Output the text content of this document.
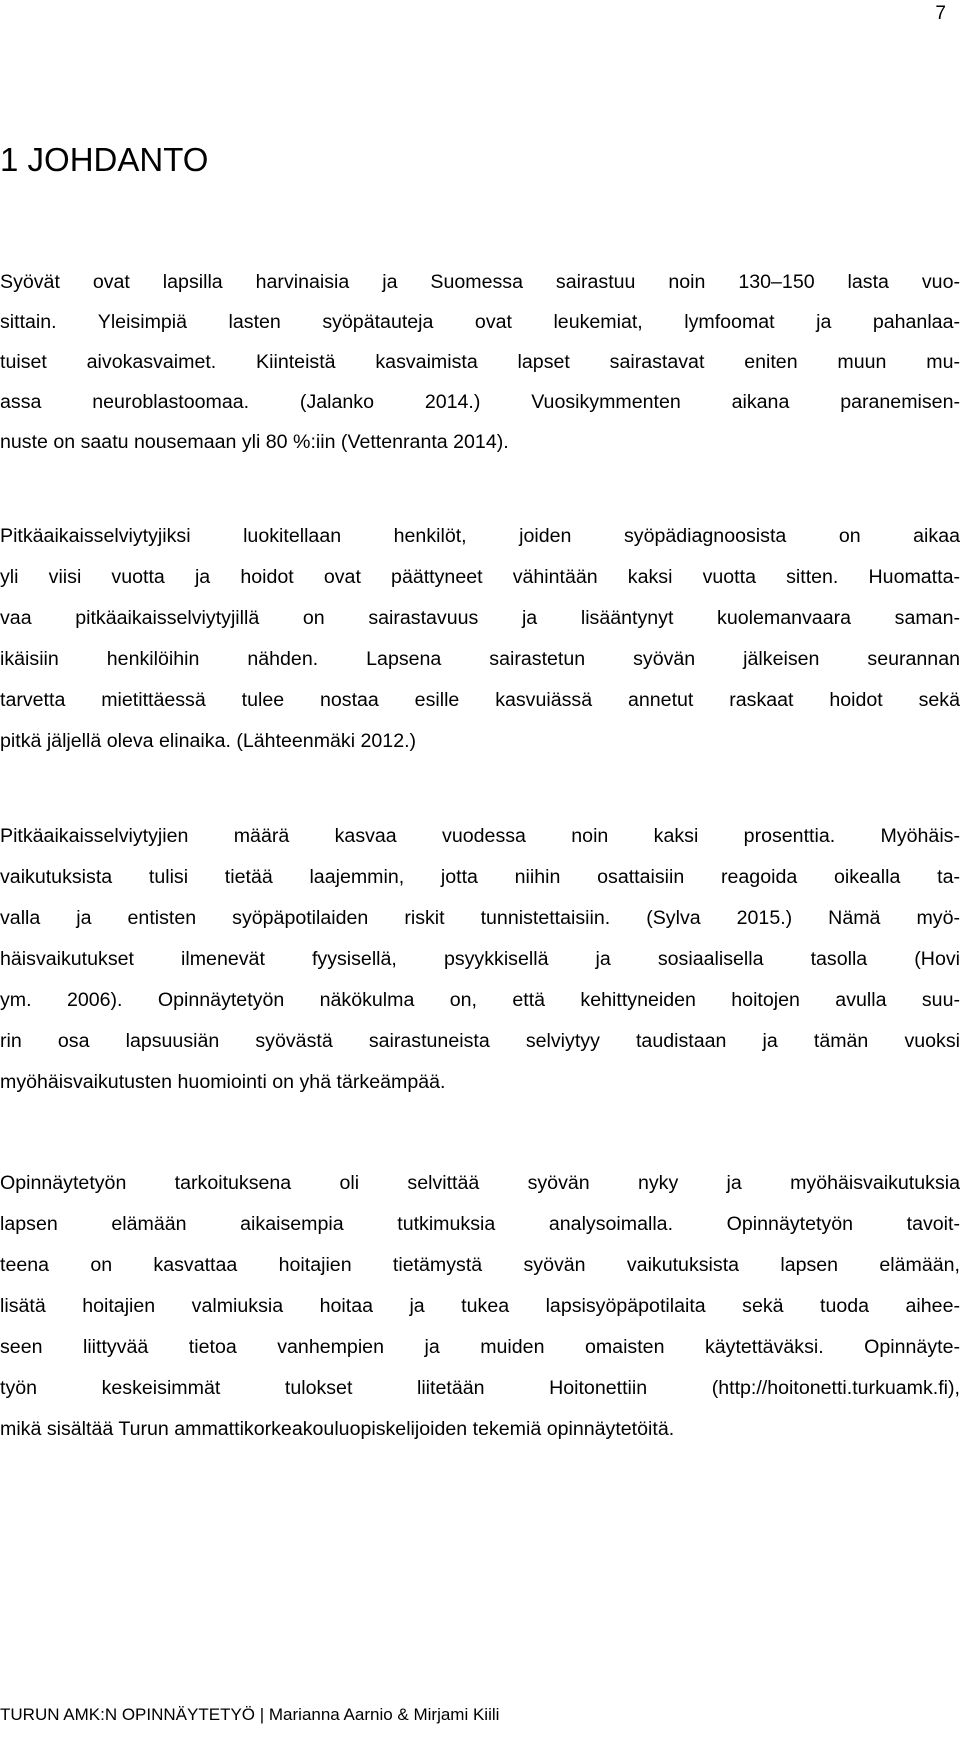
7
1 JOHDANTO

Syövät ovat lapsilla harvinaisia ja Suomessa sairastuu noin 130–150 lasta vuo-
sittain. Yleisimpiä lasten syöpätauteja ovat leukemiat, lymfoomat ja pahanlaa-
tuiset aivokasvaimet. Kiinteistä kasvaimista lapset sairastavat eniten muun mu-
assa neuroblastoomaa. (Jalanko 2014.) Vuosikymmenten aikana paranemisen-
nuste on saatu nousemaan yli 80 %:iin (Vettenranta 2014).

Pitkäaikaisselviytyjiksi luokitellaan henkilöt, joiden syöpädiagnoosista on aikaa
yli viisi vuotta ja hoidot ovat päättyneet vähintään kaksi vuotta sitten. Huomatta-
vaa pitkäaikaisselviytyjillä on sairastavuus ja lisääntynyt kuolemanvaara saman-
ikäisiin henkilöihin nähden. Lapsena sairastetun syövän jälkeisen seurannan
tarvetta mietittäessä tulee nostaa esille kasvuiässä annetut raskaat hoidot sekä
pitkä jäljellä oleva elinaika. (Lähteenmäki 2012.)

Pitkäaikaisselviytyjien määrä kasvaa vuodessa noin kaksi prosenttia. Myöhäis-
vaikutuksista tulisi tietää laajemmin, jotta niihin osattaisiin reagoida oikealla ta-
valla ja entisten syöpäpotilaiden riskit tunnistettaisiin. (Sylva 2015.) Nämä myö-
häisvaikutukset ilmenevät fyysisellä, psyykkisellä ja sosiaalisella tasolla (Hovi
ym. 2006). Opinnäytetyön näkökulma on, että kehittyneiden hoitojen avulla suu-
rin osa lapsuusiän syövästä sairastuneista selviytyy taudistaan ja tämän vuoksi
myöhäisvaikutusten huomiointi on yhä tärkeämpää.

Opinnäytetyön tarkoituksena oli selvittää syövän nyky ja myöhäisvaikutuksia
lapsen elämään aikaisempia tutkimuksia analysoimalla. Opinnäytetyön tavoit-
teena on kasvattaa hoitajien tietämystä syövän vaikutuksista lapsen elämään,
lisätä hoitajien valmiuksia hoitaa ja tukea lapsisyöpäpotilaita sekä tuoda aihee-
seen liittyvää tietoa vanhempien ja muiden omaisten käytettäväksi. Opinnäyte-
työn keskeisimmät tulokset liitetään Hoitonettiin (http://hoitonetti.turkuamk.fi),
mikä sisältää Turun ammattikorkeakouluopiskelijoiden tekemiä opinnäytetöitä.

TURUN AMK:N OPINNÄYTETYÖ | Marianna Aarnio & Mirjami Kiili
